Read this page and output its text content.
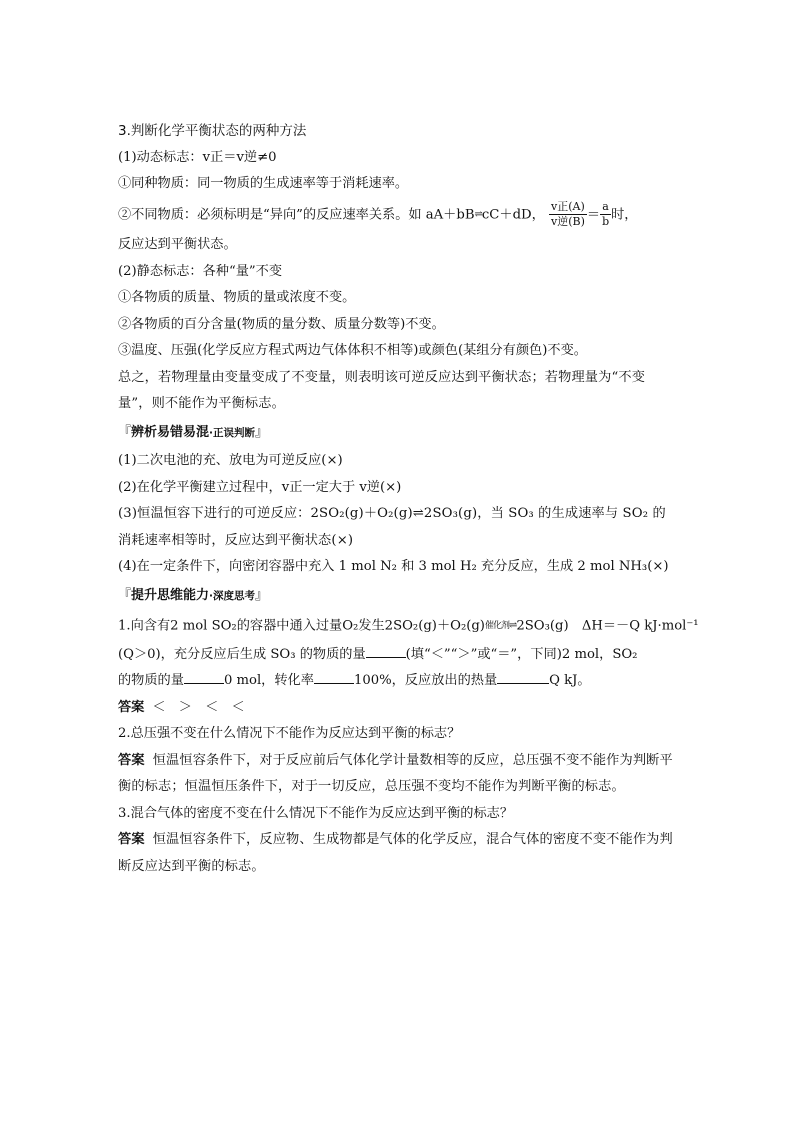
3.判断化学平衡状态的两种方法
(1)动态标志：v正＝v逆≠0
①同种物质：同一物质的生成速率等于消耗速率。
②不同物质：必须标明是“异向”的反应速率关系。如 aA＋bB⇌cC＋dD， $\frac{\text{v正(A)}}{\text{v逆(B)}} = \frac{a}{b}$ 时，
反应达到平衡状态。
(2)静态标志：各种“量”不变
①各物质的质量、物质的量或浓度不变。
②各物质的百分含量(物质的量分数、质量分数等)不变。
③温度、压强(化学反应方程式两边气体体积不相等)或颜色(某组分有颜色)不变。
总之，若物理量由变量变成了不变量，则表明该可逆反应达到平衡状态；若物理量为“不变量”，则不能作为平衡标志。
『辨析易错易混·正误判断』
(1)二次电池的充、放电为可逆反应(×)
(2)在化学平衡建立过程中，v正一定大于 v逆(×)
(3)恒温恒容下进行的可逆反应：2SO₂(g)＋O₂(g)⇌2SO₃(g)，当 SO₃ 的生成速率与 SO₂ 的消耗速率相等时，反应达到平衡状态(×)
(4)在一定条件下，向密闭容器中充入 1 mol N₂ 和 3 mol H₂ 充分反应，生成 2 mol NH₃(×)
『提升思维能力·深度思考』
1.向含有2 mol SO₂的容器中通入过量O₂发生2SO₂(g)＋O₂(g)催化剂⇌2SO₃(g)　ΔH＝－Q kJ·mol⁻¹
(Q＞0)，充分反应后生成 SO₃ 的物质的量	(填“＜”“＞”或“＝”，下同)2 mol，SO₂
的物质的量	0 mol，转化率	100%，反应放出的热量	Q kJ。
答案 ＜　＞　＜　＜
2.总压强不变在什么情况下不能作为反应达到平衡的标志？
答案 恒温恒容条件下，对于反应前后气体化学计量数相等的反应，总压强不变不能作为判断平衡的标志；恒温恒压条件下，对于一切反应，总压强不变均不能作为判断平衡的标志。
3.混合气体的密度不变在什么情况下不能作为反应达到平衡的标志？
答案 恒温恒容条件下，反应物、生成物都是气体的化学反应，混合气体的密度不变不能作为判断反应达到平衡的标志。
